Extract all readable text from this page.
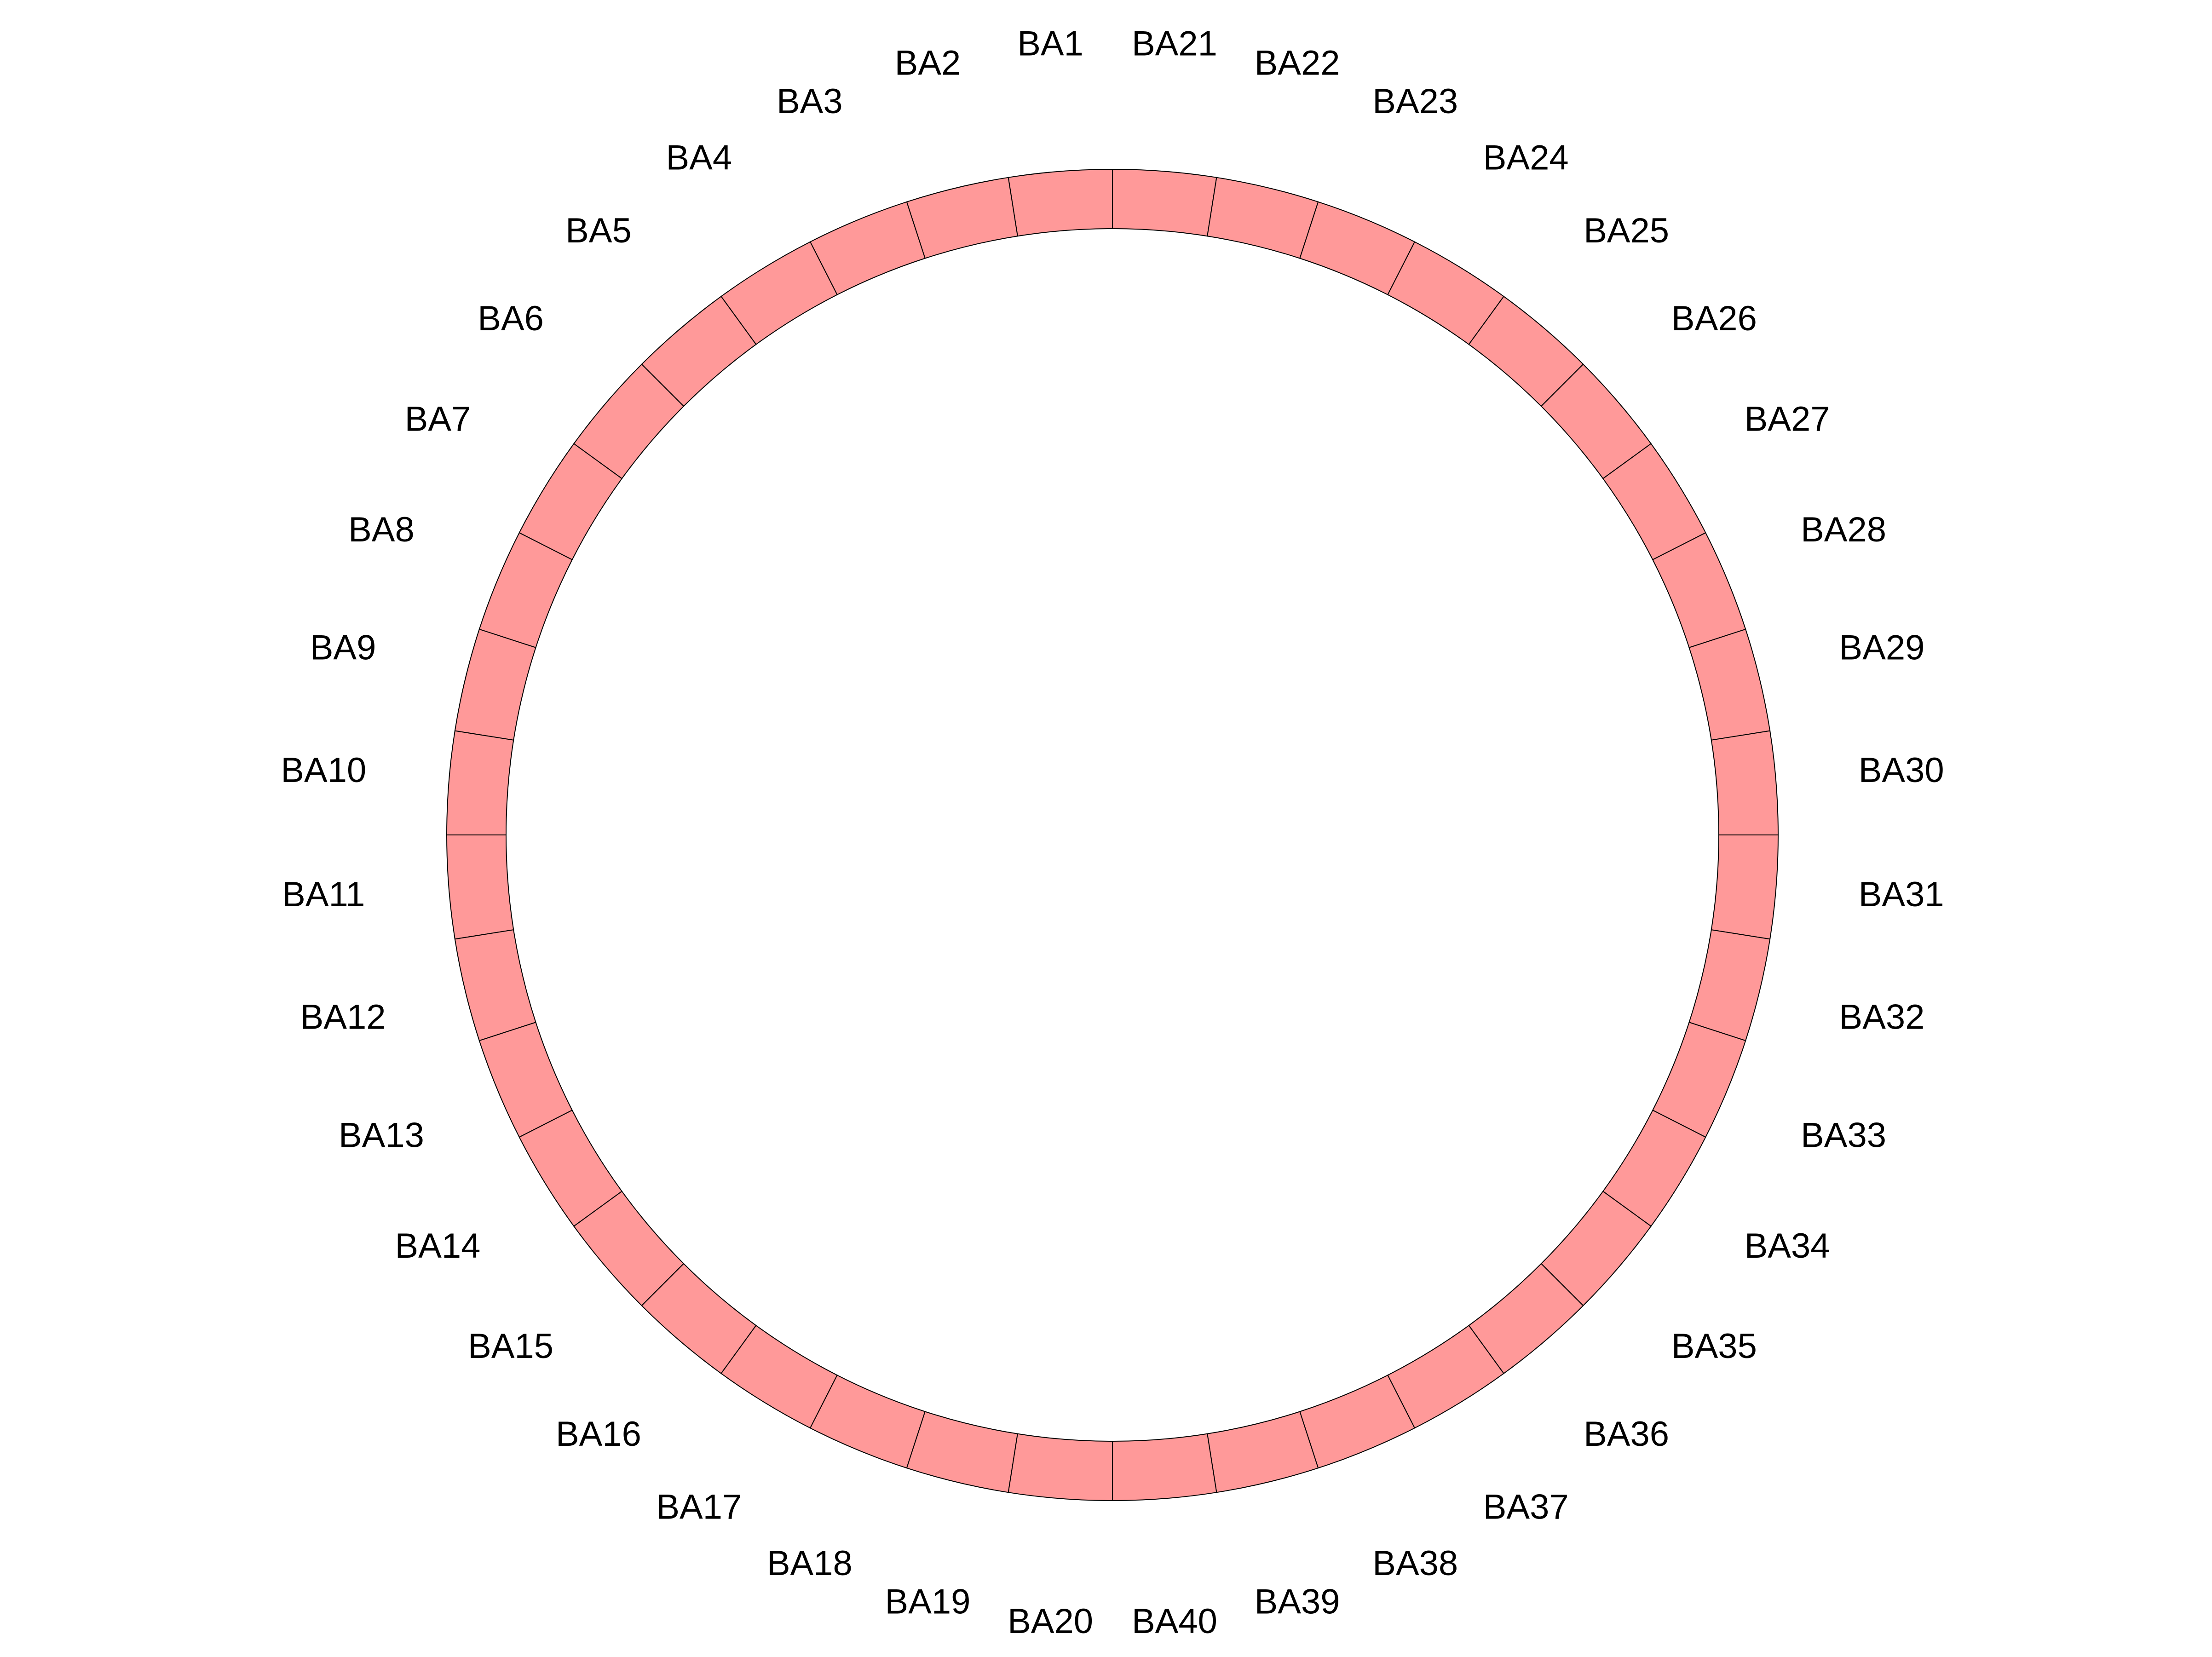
BA1
BA2
BA3
BA4
BA5
BA6
BA7
BA8
BA9
BA10
BA11
BA12
BA13
BA14
BA15
BA16
BA17
BA18
BA19 BA20
BA21 BA22
BA23
BA24
BA25
BA26
BA27
BA28
BA29
BA30
BA31
BA32
BA33
BA34
BA35
BA36
BA37
BA38
BA39
BA40
